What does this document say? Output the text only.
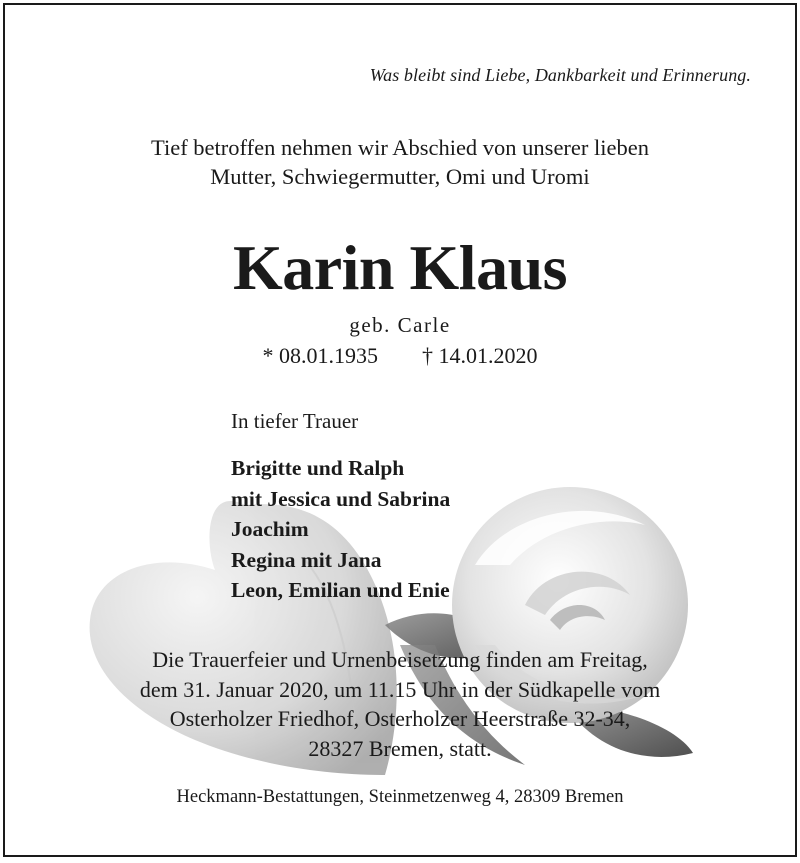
Was bleibt sind Liebe, Dankbarkeit und Erinnerung.
Tief betroffen nehmen wir Abschied von unserer lieben
Mutter, Schwiegermutter, Omi und Uromi
Karin Klaus
geb. Carle
* 08.01.1935 † 14.01.2020
In tiefer Trauer
Brigitte und Ralph
mit Jessica und Sabrina
Joachim
Regina mit Jana
Leon, Emilian und Enie
Die Trauerfeier und Urnenbeisetzung finden am Freitag,
dem 31. Januar 2020, um 11.15 Uhr in der Südkapelle vom
Osterholzer Friedhof, Osterholzer Heerstraße 32-34,
28327 Bremen, statt.
Heckmann-Bestattungen, Steinmetzenweg 4, 28309 Bremen
